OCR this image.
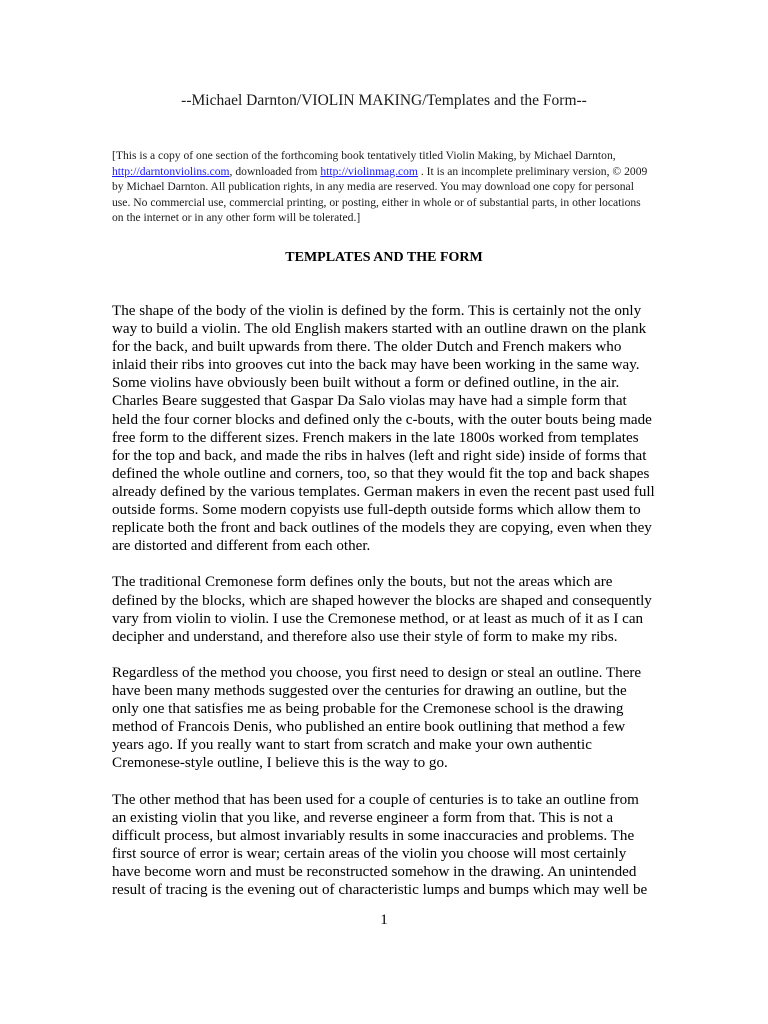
--Michael Darnton/VIOLIN MAKING/Templates and the Form--
[This is a copy of one section of the forthcoming book tentatively titled Violin Making, by Michael Darnton,
http://darntonviolins.com, downloaded from http://violinmag.com . It is an incomplete preliminary version, © 2009 by Michael Darnton. All publication rights, in any media are reserved. You may download one copy for personal use. No commercial use, commercial printing, or posting, either in whole or of substantial parts, in other locations on the internet or in any other form will be tolerated.]
TEMPLATES AND THE FORM

The shape of the body of the violin is defined by the form. This is certainly not the only
way to build a violin. The old English makers started with an outline drawn on the plank
for the back, and built upwards from there. The older Dutch and French makers who
inlaid their ribs into grooves cut into the back may have been working in the same way.
Some violins have obviously been built without a form or defined outline, in the air.
Charles Beare suggested that Gaspar Da Salo violas may have had a simple form that
held the four corner blocks and defined only the c-bouts, with the outer bouts being made
free form to the different sizes. French makers in the late 1800s worked from templates
for the top and back, and made the ribs in halves (left and right side) inside of forms that
defined the whole outline and corners, too, so that they would fit the top and back shapes
already defined by the various templates. German makers in even the recent past used full
outside forms. Some modern copyists use full-depth outside forms which allow them to
replicate both the front and back outlines of the models they are copying, even when they
are distorted and different from each other.

The traditional Cremonese form defines only the bouts, but not the areas which are
defined by the blocks, which are shaped however the blocks are shaped and consequently
vary from violin to violin. I use the Cremonese method, or at least as much of it as I can
decipher and understand, and therefore also use their style of form to make my ribs.

Regardless of the method you choose, you first need to design or steal an outline. There
have been many methods suggested over the centuries for drawing an outline, but the
only one that satisfies me as being probable for the Cremonese school is the drawing
method of Francois Denis, who published an entire book outlining that method a few
years ago. If you really want to start from scratch and make your own authentic
Cremonese-style outline, I believe this is the way to go.

The other method that has been used for a couple of centuries is to take an outline from
an existing violin that you like, and reverse engineer a form from that. This is not a
difficult process, but almost invariably results in some inaccuracies and problems. The
first source of error is wear; certain areas of the violin you choose will most certainly
have become worn and must be reconstructed somehow in the drawing. An unintended
result of tracing is the evening out of characteristic lumps and bumps which may well be

1
